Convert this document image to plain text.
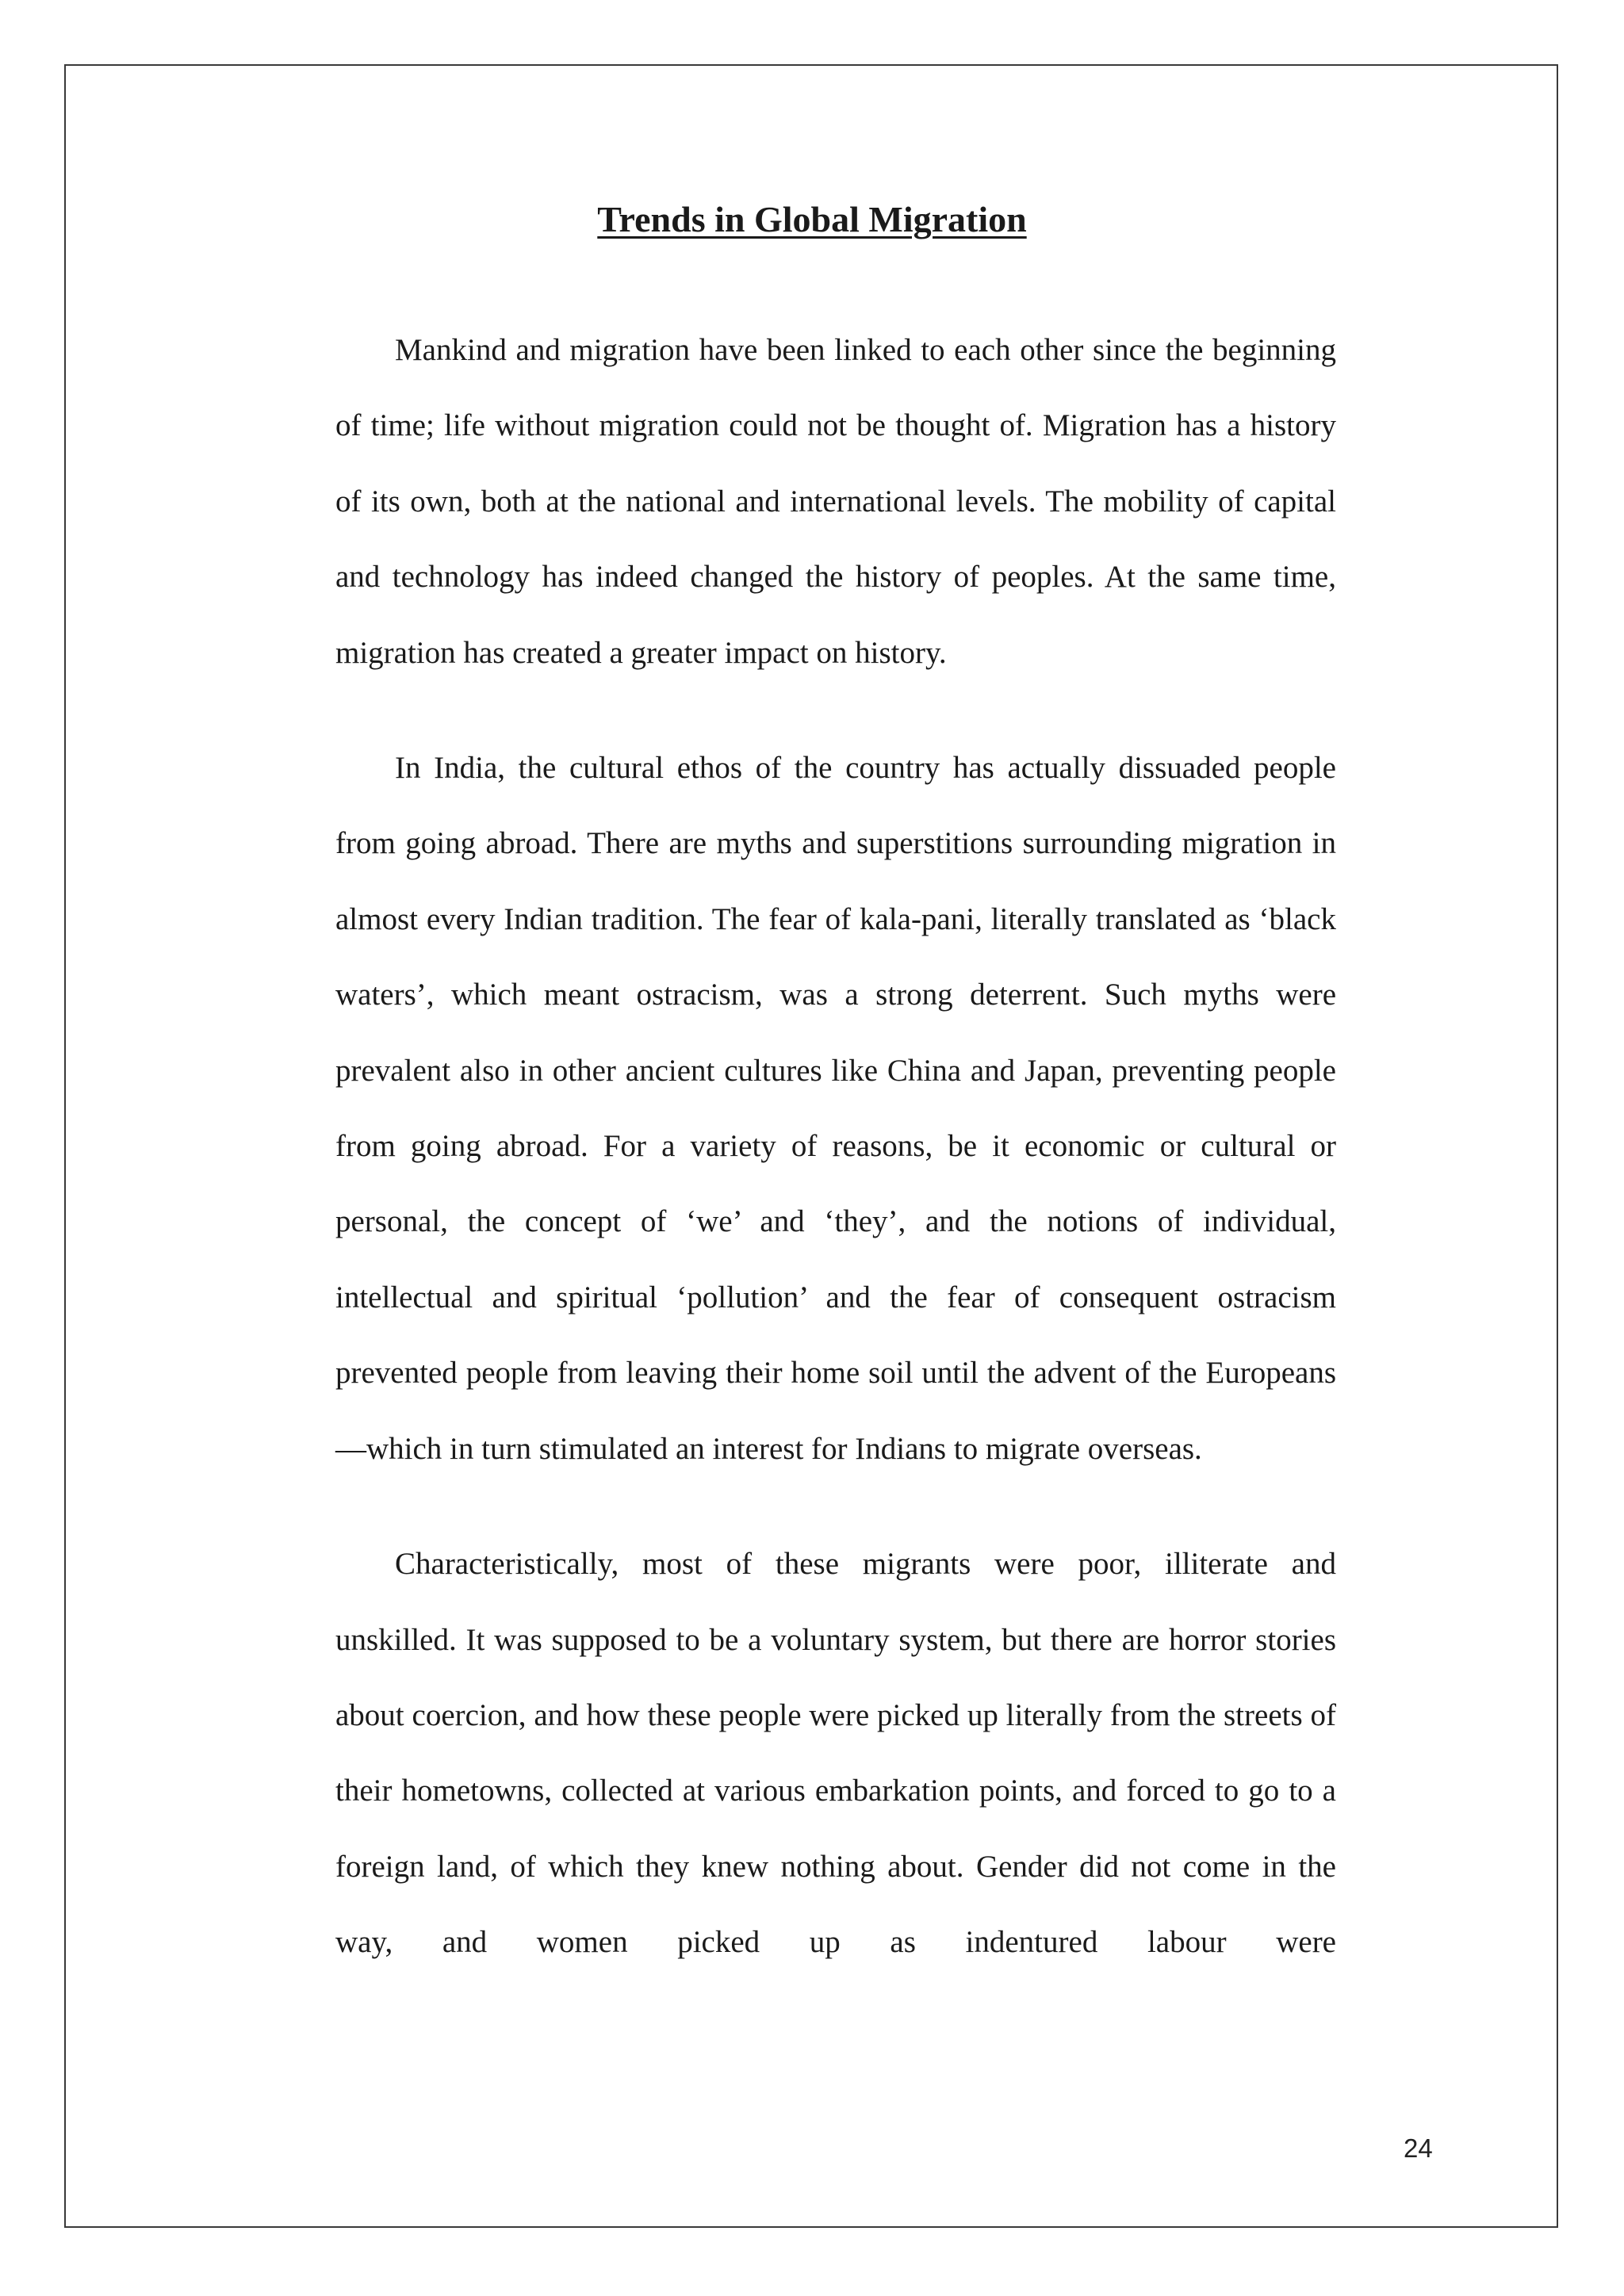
Trends in Global Migration

Mankind and migration have been linked to each other since the beginning of time; life without migration could not be thought of. Migration has a history of its own, both at the national and international levels. The mobility of capital and technology has indeed changed the history of peoples. At the same time, migration has created a greater impact on history.

In India, the cultural ethos of the country has actually dissuaded people from going abroad. There are myths and superstitions surrounding migration in almost every Indian tradition. The fear of kala-pani, literally translated as ‘black waters’, which meant ostracism, was a strong deterrent. Such myths were prevalent also in other ancient cultures like China and Japan, preventing people from going abroad. For a variety of reasons, be it economic or cultural or personal, the concept of ‘we’ and ‘they’, and the notions of individual, intellectual and spiritual ‘pollution’ and the fear of consequent ostracism prevented people from leaving their home soil until the advent of the Europeans—which in turn stimulated an interest for Indians to migrate overseas.

Characteristically, most of these migrants were poor, illiterate and unskilled. It was supposed to be a voluntary system, but there are horror stories about coercion, and how these people were picked up literally from the streets of their hometowns, collected at various embarkation points, and forced to go to a foreign land, of which they knew nothing about. Gender did not come in the way, and women picked up as indentured labour were

24
